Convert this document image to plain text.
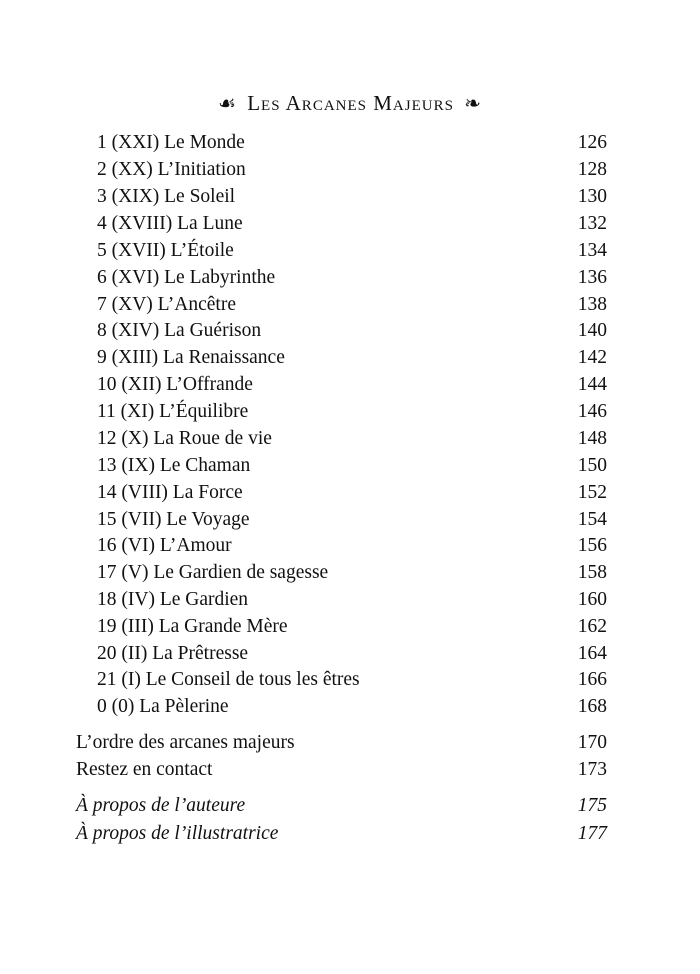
☙ Les Arcanes Majeurs ❧
1 (XXI) Le Monde	126
2 (XX) L’Initiation	128
3 (XIX) Le Soleil	130
4 (XVIII) La Lune	132
5 (XVII) L’Étoile	134
6 (XVI) Le Labyrinthe	136
7 (XV) L’Ancêtre	138
8 (XIV) La Guérison	140
9 (XIII) La Renaissance	142
10 (XII) L’Offrande	144
11 (XI) L’Équilibre	146
12 (X) La Roue de vie	148
13 (IX) Le Chaman	150
14 (VIII) La Force	152
15 (VII) Le Voyage	154
16 (VI) L’Amour	156
17 (V) Le Gardien de sagesse	158
18 (IV) Le Gardien	160
19 (III) La Grande Mère	162
20 (II) La Prêtresse	164
21 (I) Le Conseil de tous les êtres	166
0 (0) La Pèlerine	168
L’ordre des arcanes majeurs	170
Restez en contact	173
À propos de l’auteure	175
À propos de l’illustratrice	177
